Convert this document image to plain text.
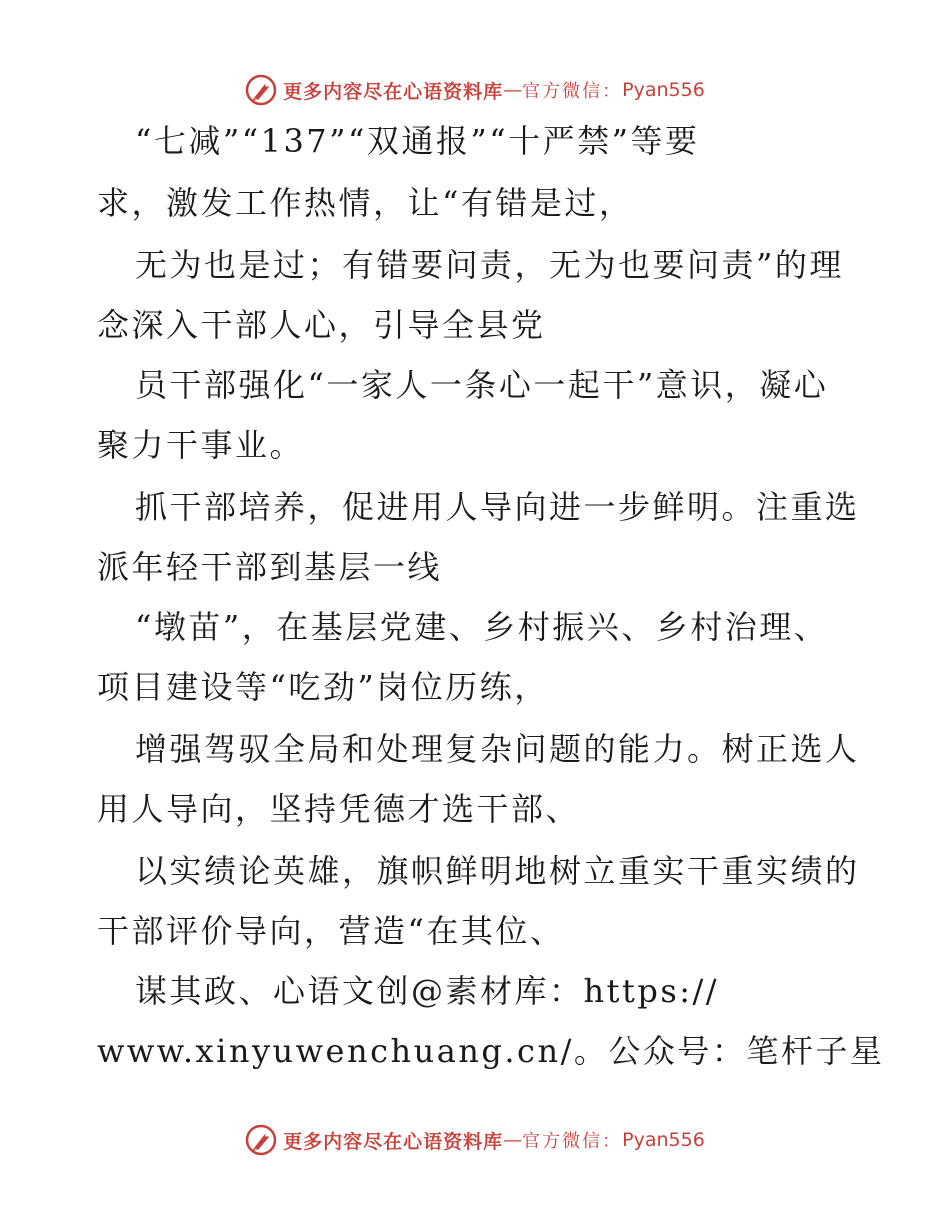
更多内容尽在心语资料库 — 官方微信： Pyan556
“七减”“137”“双通报”“十严禁”等要
求，激发工作热情，让“有错是过，
无为也是过；有错要问责，无为也要问责”的理
念深入干部人心，引导全县党
员干部强化“一家人一条心一起干”意识，凝心
聚力干事业。
抓干部培养，促进用人导向进一步鲜明。注重选
派年轻干部到基层一线
“墩苗”，在基层党建、乡村振兴、乡村治理、
项目建设等“吃劲”岗位历练，
增强驾驭全局和处理复杂问题的能力。树正选人
用人导向，坚持凭德才选干部、
以实绩论英雄，旗帜鲜明地树立重实干重实绩的
干部评价导向，营造“在其位、
谋其政、心语文创@素材库：https://
www.xinyuwenchuang.cn/。公众号：笔杆子星
更多内容尽在心语资料库 — 官方微信： Pyan556
